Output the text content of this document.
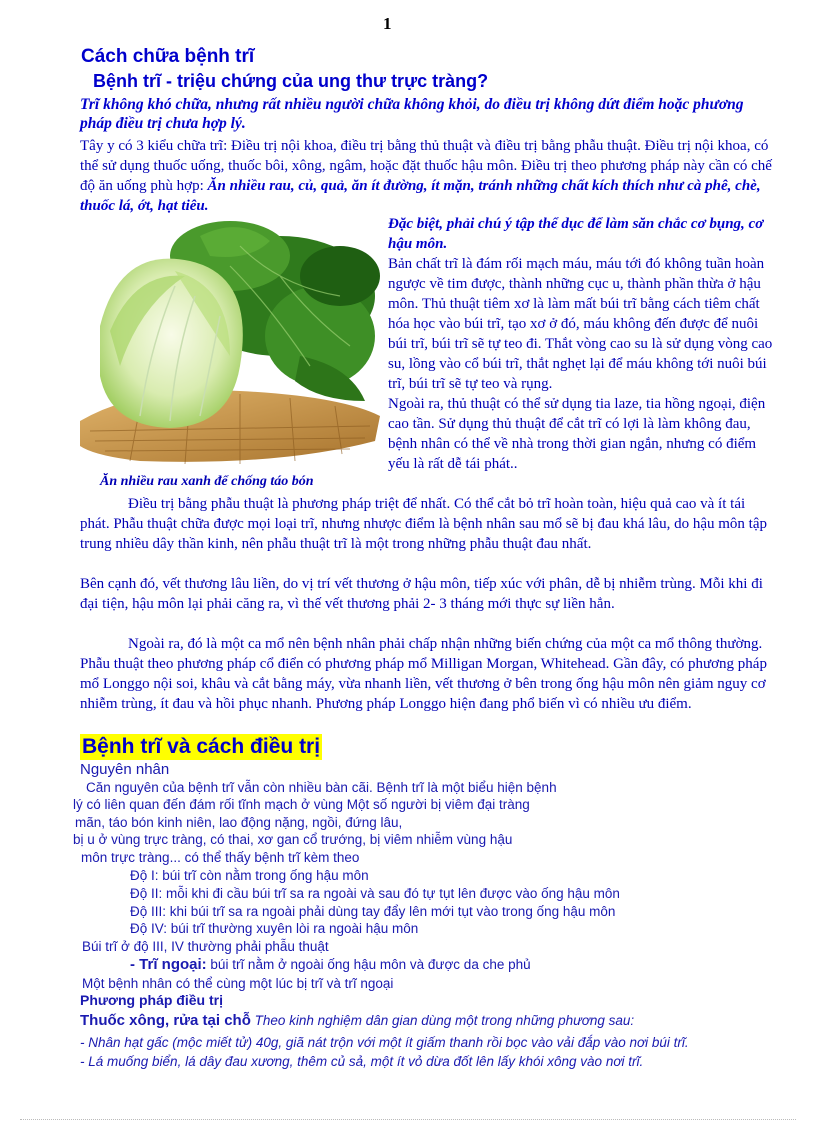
1
Cách chữa bệnh trĩ
Bệnh trĩ - triệu chứng của ung thư trực tràng?
Trĩ không khó chữa, nhưng rất nhiều người chữa không khỏi, do điều trị không dứt điểm hoặc phương pháp điều trị chưa hợp lý.
Tây y có 3 kiểu chữa trĩ: Điều trị nội khoa, điều trị bằng thủ thuật và điều trị bằng phẫu thuật. Điều trị nội khoa, có thể sử dụng thuốc uống, thuốc bôi, xông, ngâm, hoặc đặt thuốc hậu môn. Điều trị theo phương pháp này cần có chế độ ăn uống phù hợp: Ăn nhiều rau, củ, quả, ăn ít đường, ít mặn, tránh những chất kích thích như cà phê, chè, thuốc lá, ớt, hạt tiêu.
Ăn nhiều rau xanh để chống táo bón
Đặc biệt, phải chú ý tập thể dục để làm săn chắc cơ bụng, cơ hậu môn.
Bản chất trĩ là đám rối mạch máu, máu tới đó không tuần hoàn ngược về tim được, thành những cục u, thành phần thừa ở hậu môn. Thủ thuật tiêm xơ là làm mất búi trĩ bằng cách tiêm chất hóa học vào búi trĩ, tạo xơ ở đó, máu không đến được để nuôi búi trĩ, búi trĩ sẽ tự teo đi. Thắt vòng cao su là sử dụng vòng cao su, lồng vào cổ búi trĩ, thắt nghẹt lại để máu không tới nuôi búi trĩ, búi trĩ sẽ tự teo và rụng.
Ngoài ra, thủ thuật có thể sử dụng tia laze, tia hồng ngoại, điện cao tần. Sử dụng thủ thuật để cắt trĩ có lợi là làm không đau, bệnh nhân có thể về nhà trong thời gian ngắn, nhưng có điểm yếu là rất dễ tái phát..
Điều trị bằng phẫu thuật là phương pháp triệt để nhất. Có thể cắt bỏ trĩ hoàn toàn, hiệu quả cao và ít tái phát. Phẫu thuật chữa được mọi loại trĩ, nhưng nhược điểm là bệnh nhân sau mổ sẽ bị đau khá lâu, do hậu môn tập trung nhiều dây thần kinh, nên phẫu thuật trĩ là một trong những phẫu thuật đau nhất.
Bên cạnh đó, vết thương lâu liền, do vị trí vết thương ở hậu môn, tiếp xúc với phân, dễ bị nhiễm trùng. Mỗi khi đi đại tiện, hậu môn lại phải căng ra, vì thế vết thương phải 2- 3 tháng mới thực sự liền hẳn.
Ngoài ra, đó là một ca mổ nên bệnh nhân phải chấp nhận những biến chứng của một ca mổ thông thường. Phẫu thuật theo phương pháp cổ điển có phương pháp mổ Milligan Morgan, Whitehead. Gần đây, có phương pháp mổ Longgo nội soi, khâu và cắt bằng máy, vừa nhanh liền, vết thương ở bên trong ống hậu môn nên giảm nguy cơ nhiễm trùng, ít đau và hồi phục nhanh. Phương pháp Longgo hiện đang phổ biến vì có nhiều ưu điểm.
Bệnh trĩ và cách điều trị
Nguyên nhân
Căn nguyên của bệnh trĩ vẫn còn nhiều bàn cãi. Bệnh trĩ là một biểu hiện bệnh
lý có liên quan đến đám rối tĩnh mạch ở vùng Một số người bị viêm đại tràng
mãn, táo bón kinh niên, lao động nặng, ngồi, đứng lâu,
bị u ở vùng trực tràng, có thai, xơ gan cổ trướng, bị viêm nhiễm vùng hậu
môn trực tràng... có thể thấy bệnh trĩ kèm theo
Độ I: búi trĩ còn nằm trong ống hậu môn
Độ II: mỗi khi đi cầu búi trĩ sa ra ngoài và sau đó tự tụt lên được vào ống hậu môn
Độ III: khi búi trĩ sa ra ngoài phải dùng tay đẩy lên mới tụt vào trong ống hậu môn
Độ IV: búi trĩ thường xuyên lòi ra ngoài hậu môn
Búi trĩ ở độ III, IV thường phải phẫu thuật
- Trĩ ngoại: búi trĩ nằm ở ngoài ống hậu môn và được da che phủ
Một bệnh nhân có thể cùng một lúc bị trĩ và trĩ ngoại
Phương pháp điều trị
Thuốc xông, rửa tại chỗ Theo kinh nghiệm dân gian dùng một trong những phương sau:
- Nhân hạt gấc (mộc miết tử) 40g, giã nát trộn với một ít giấm thanh rồi bọc vào vải đắp vào nơi búi trĩ.
- Lá muống biển, lá dây đau xương, thêm củ sả, một ít vỏ dừa đốt lên lấy khói xông vào nơi trĩ.
